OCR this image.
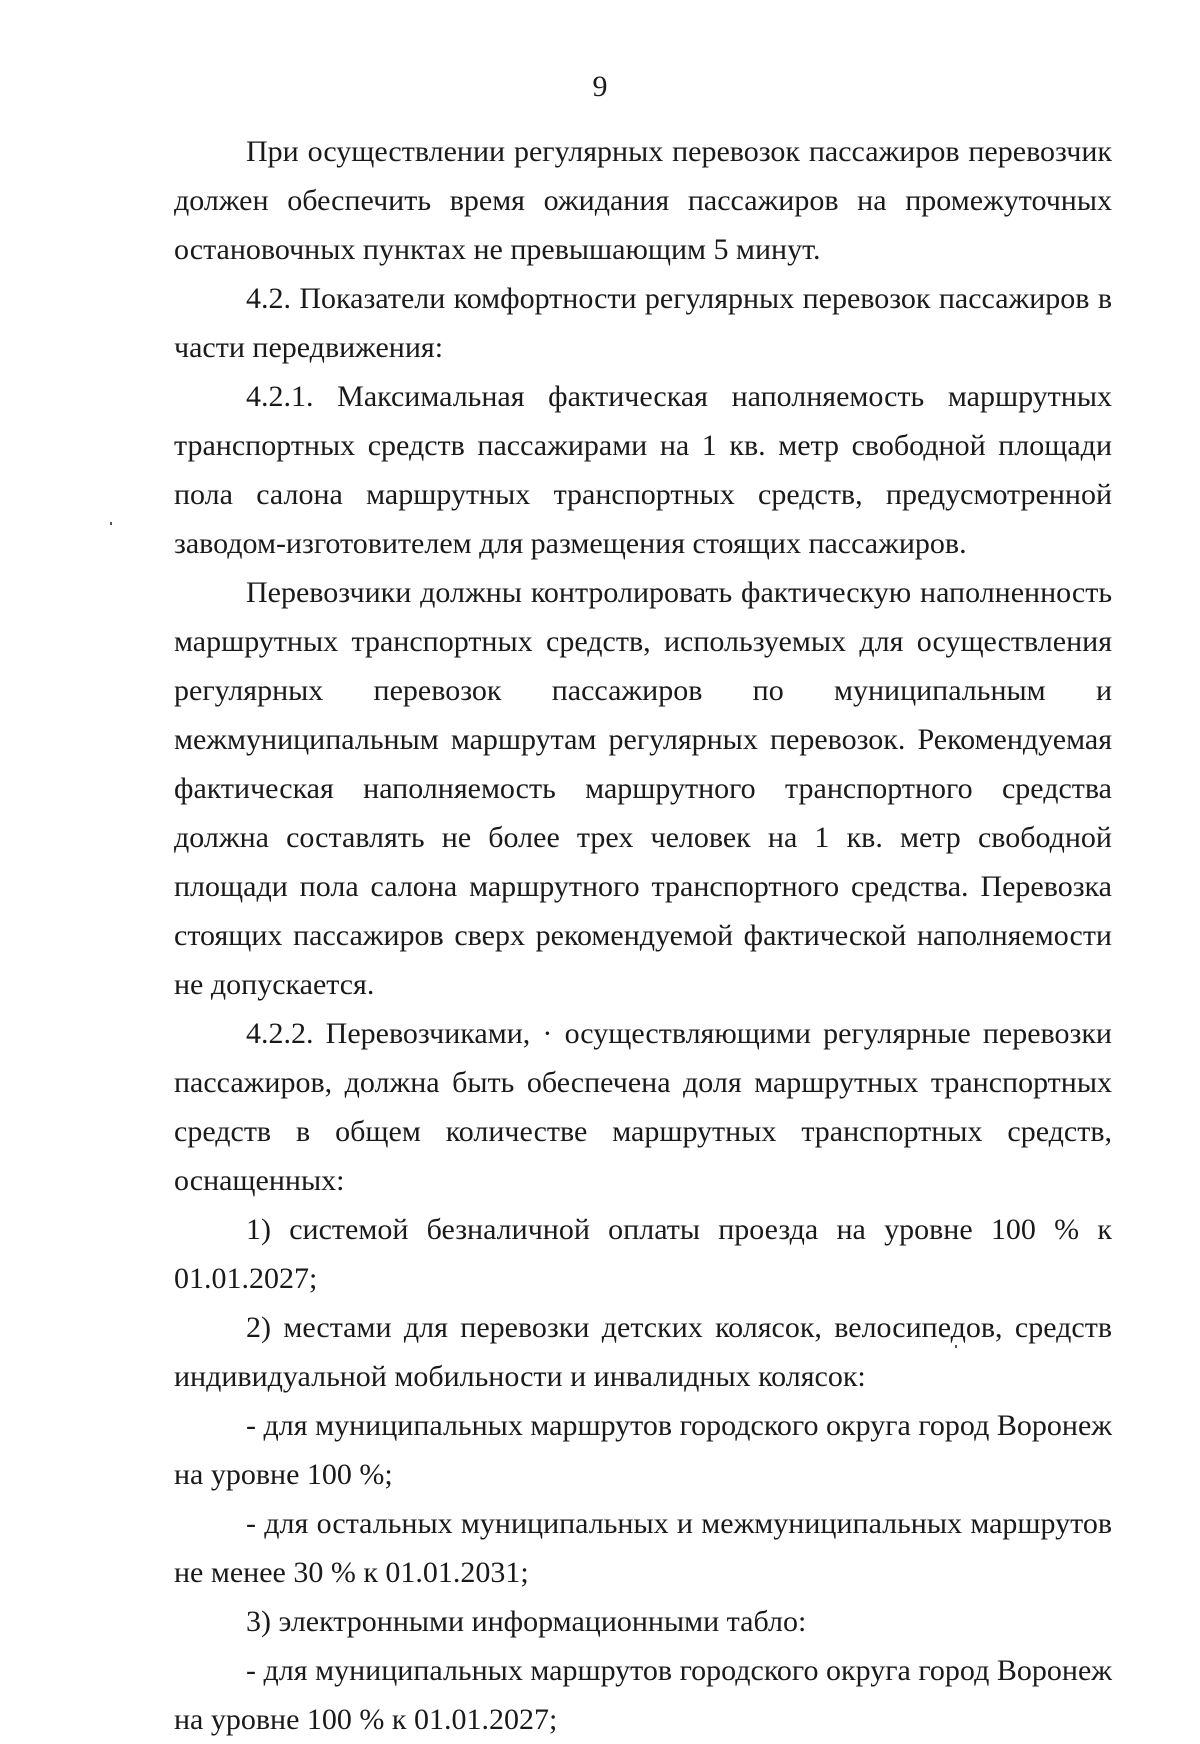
9

При осуществлении регулярных перевозок пассажиров перевозчик должен обеспечить время ожидания пассажиров на промежуточных остановочных пунктах не превышающим 5 минут.

4.2. Показатели комфортности регулярных перевозок пассажиров в части передвижения:

4.2.1. Максимальная фактическая наполняемость маршрутных транспортных средств пассажирами на 1 кв. метр свободной площади пола салона маршрутных транспортных средств, предусмотренной заводом-изготовителем для размещения стоящих пассажиров.

Перевозчики должны контролировать фактическую наполненность маршрутных транспортных средств, используемых для осуществления регулярных перевозок пассажиров по муниципальным и межмуниципальным маршрутам регулярных перевозок. Рекомендуемая фактическая наполняемость маршрутного транспортного средства должна составлять не более трех человек на 1 кв. метр свободной площади пола салона маршрутного транспортного средства. Перевозка стоящих пассажиров сверх рекомендуемой фактической наполняемости не допускается.

4.2.2. Перевозчиками, · осуществляющими регулярные перевозки пассажиров, должна быть обеспечена доля маршрутных транспортных средств в общем количестве маршрутных транспортных средств, оснащенных:

1) системой безналичной оплаты проезда на уровне 100 % к 01.01.2027;

2) местами для перевозки детских колясок, велосипедов, средств индивидуальной мобильности и инвалидных колясок:

- для муниципальных маршрутов городского округа город Воронеж на уровне 100 %;

- для остальных муниципальных и межмуниципальных маршрутов не менее 30 % к 01.01.2031;

3) электронными информационными табло:

- для муниципальных маршрутов городского округа город Воронеж на уровне 100 % к 01.01.2027;
